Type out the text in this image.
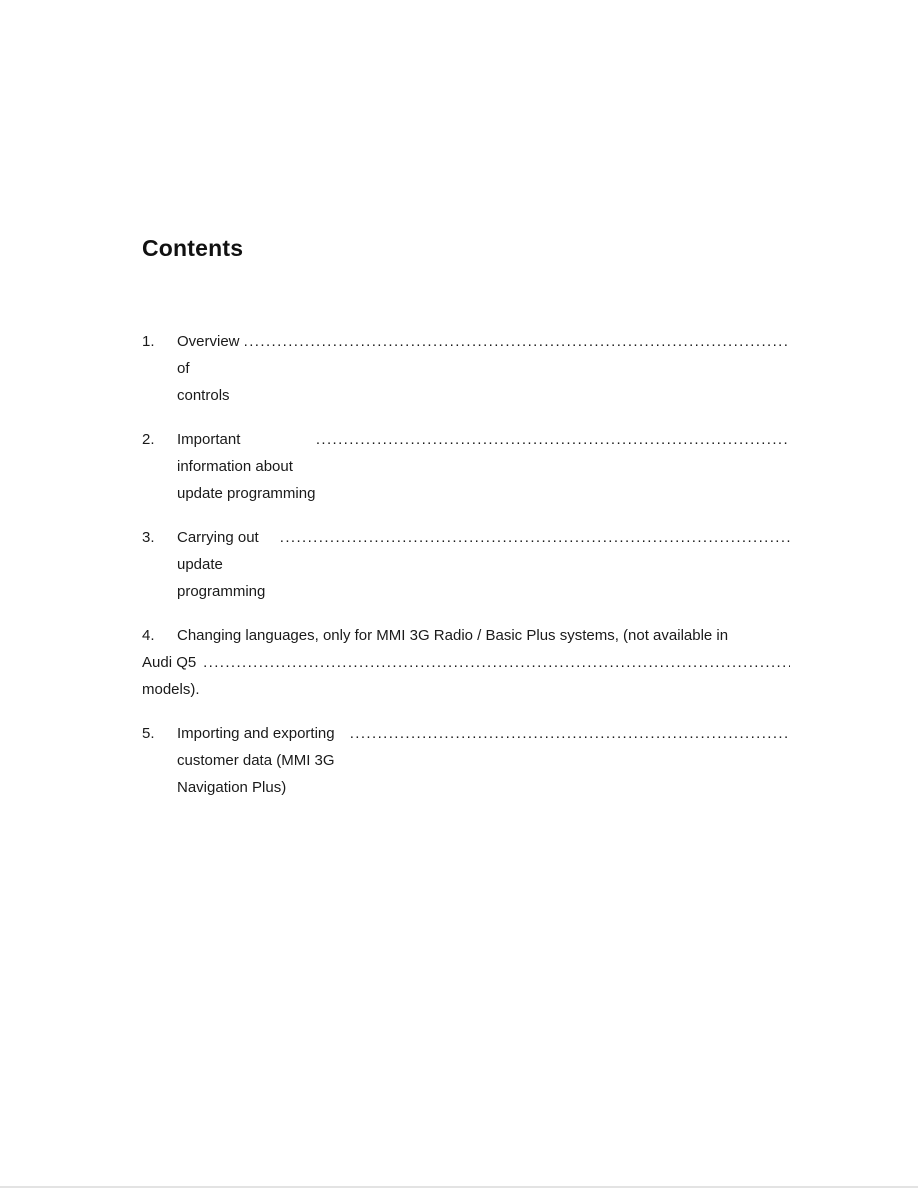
Contents
1.	Overview of controls
.....
2.	Important information about update programming
.....
3.	Carrying out update programming
.....
4.	Changing languages, only for MMI 3G Radio / Basic Plus systems, (not available in
Audi Q5 models).
.....
5.	Importing and exporting customer data (MMI 3G Navigation Plus)
.....
